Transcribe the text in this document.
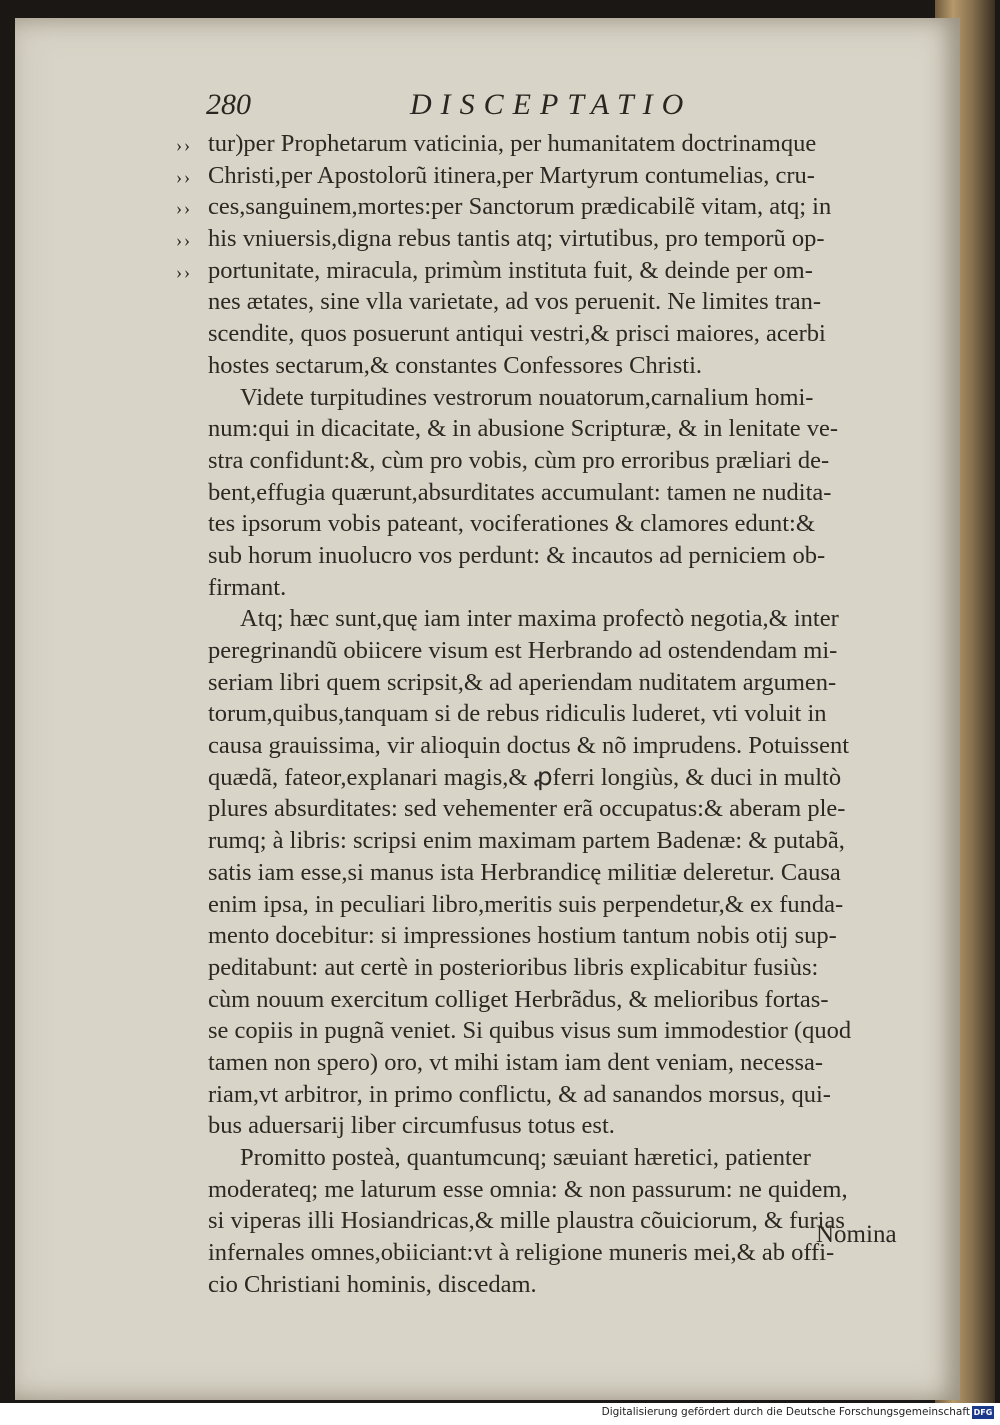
280	DISCEPTATIO
›› tur)per Prophetarum vaticinia, per humanitatem doctrinamque
›› Christi,per Apostolorũ itinera,per Martyrum contumelias, cru-
›› ces,sanguinem,mortes:per Sanctorum prædicabilẽ vitam, atq; in
›› his vniuersis,digna rebus tantis atq; virtutibus, pro temporũ op-
›› portunitate, miracula, primùm instituta fuit, & deinde per om-
nes ætates, sine vlla varietate, ad vos peruenit. Ne limites tran-
scendite, quos posuerunt antiqui vestri,& prisci maiores, acerbi
hostes sectarum,& constantes Confessores Christi.
Videte turpitudines vestrorum nouatorum,carnalium homi-
num:qui in dicacitate, & in abusione Scripturæ, & in lenitate ve-
stra confidunt:&, cùm pro vobis, cùm pro erroribus præliari de-
bent,effugia quærunt,absurditates accumulant: tamen ne nudita-
tes ipsorum vobis pateant, vociferationes & clamores edunt:&
sub horum inuolucro vos perdunt: & incautos ad perniciem ob-
firmant.
Atq; hæc sunt,quę iam inter maxima profectò negotia,& inter
peregrinandũ obiicere visum est Herbrando ad ostendendam mi-
seriam libri quem scripsit,& ad aperiendam nuditatem argumen-
torum,quibus,tanquam si de rebus ridiculis luderet, vti voluit in
causa grauissima, vir alioquin doctus & nõ imprudens. Potuissent
quædã, fateor,explanari magis,& ꝓferri longiùs, & duci in multò
plures absurditates: sed vehementer erã occupatus:& aberam ple-
rumq; à libris: scripsi enim maximam partem Badenæ: & putabã,
satis iam esse,si manus ista Herbrandicę militiæ deleretur. Causa
enim ipsa, in peculiari libro,meritis suis perpendetur,& ex funda-
mento docebitur: si impressiones hostium tantum nobis otij sup-
peditabunt: aut certè in posterioribus libris explicabitur fusiùs:
cùm nouum exercitum colliget Herbrãdus, & melioribus fortas-
se copiis in pugnã veniet. Si quibus visus sum immodestior (quod
tamen non spero) oro, vt mihi istam iam dent veniam, necessa-
riam,vt arbitror, in primo conflictu, & ad sanandos morsus, qui-
bus aduersarij liber circumfusus totus est.
Promitto posteà, quantumcunq; sæuiant hæretici, patienter
moderateq; me laturum esse omnia: & non passurum: ne quidem,
si viperas illi Hosiandricas,& mille plaustra cõuiciorum, & furias
infernales omnes,obiiciant:vt à religione muneris mei,& ab offi-
cio Christiani hominis, discedam.
Nomina
Digitalisierung gefördert durch die Deutsche Forschungsgemeinschaft DFG
